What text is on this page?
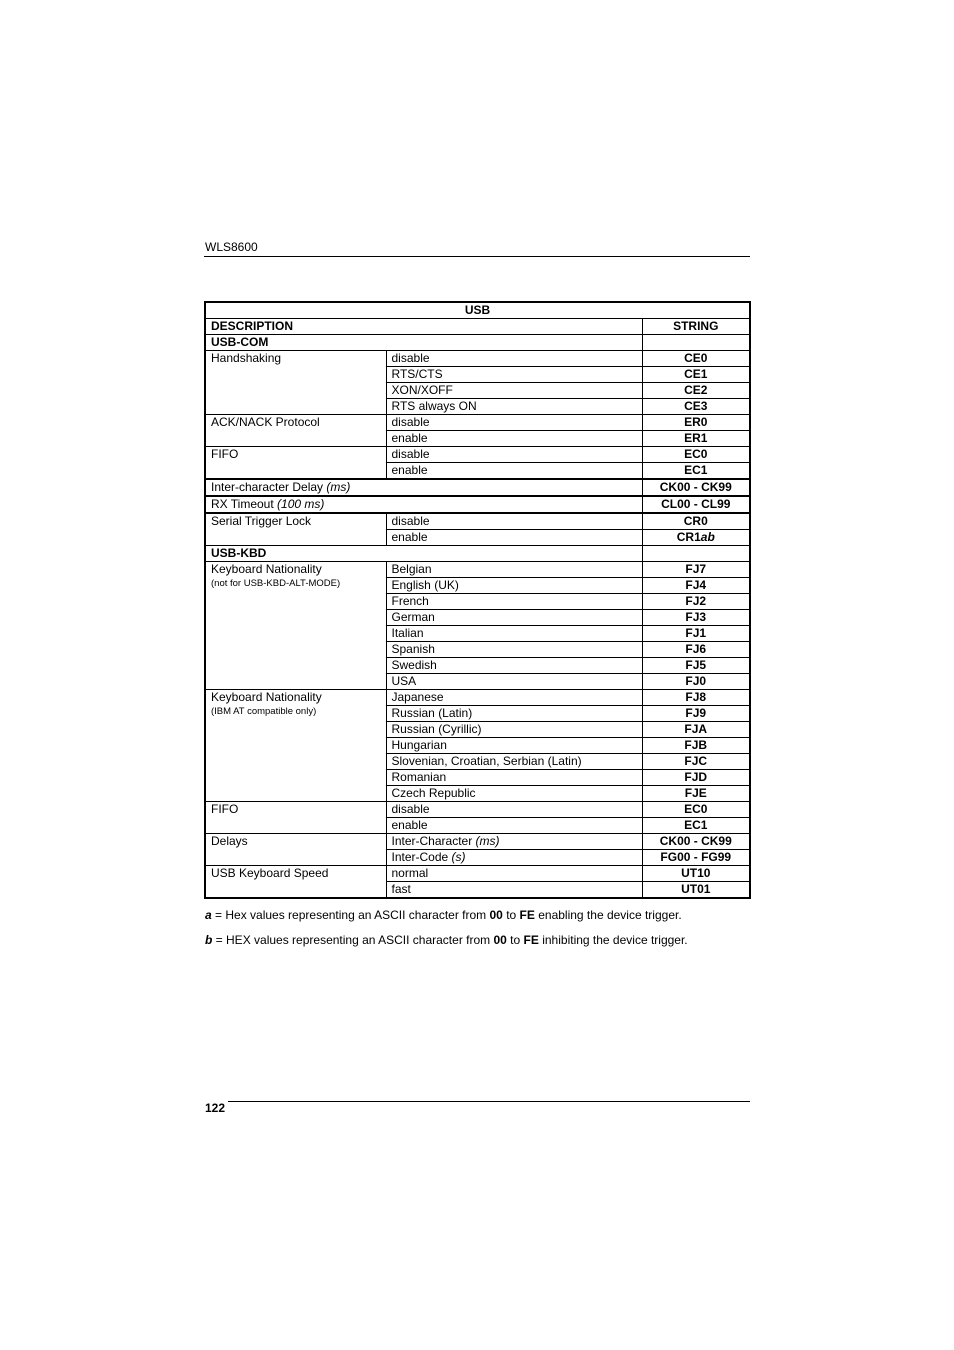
WLS8600
USB		
DESCRIPTION		STRING
USB-COM		
Handshaking	disable	CE0
	RTS/CTS	CE1
	XON/XOFF	CE2
	RTS always ON	CE3
ACK/NACK Protocol	disable	ER0
	enable	ER1
FIFO	disable	EC0
	enable	EC1
Inter-character Delay (ms)		CK00 - CK99
RX Timeout (100 ms)		CL00 - CL99
Serial Trigger Lock	disable	CR0
	enable	CR1ab
USB-KBD		
Keyboard Nationality
(not for USB-KBD-ALT-MODE)	Belgian	FJ7
	English (UK)	FJ4
	French	FJ2
	German	FJ3
	Italian	FJ1
	Spanish	FJ6
	Swedish	FJ5
	USA	FJ0
Keyboard Nationality
(IBM AT compatible only)	Japanese	FJ8
	Russian (Latin)	FJ9
	Russian (Cyrillic)	FJA
	Hungarian	FJB
	Slovenian, Croatian, Serbian (Latin)	FJC
	Romanian	FJD
	Czech Republic	FJE
FIFO	disable	EC0
	enable	EC1
Delays	Inter-Character (ms)	CK00 - CK99
	Inter-Code (s)	FG00 - FG99
USB Keyboard Speed	normal	UT10
	fast	UT01
a = Hex values representing an ASCII character from 00 to FE enabling the device trigger.
b = HEX values representing an ASCII character from 00 to FE inhibiting the device trigger.
122
